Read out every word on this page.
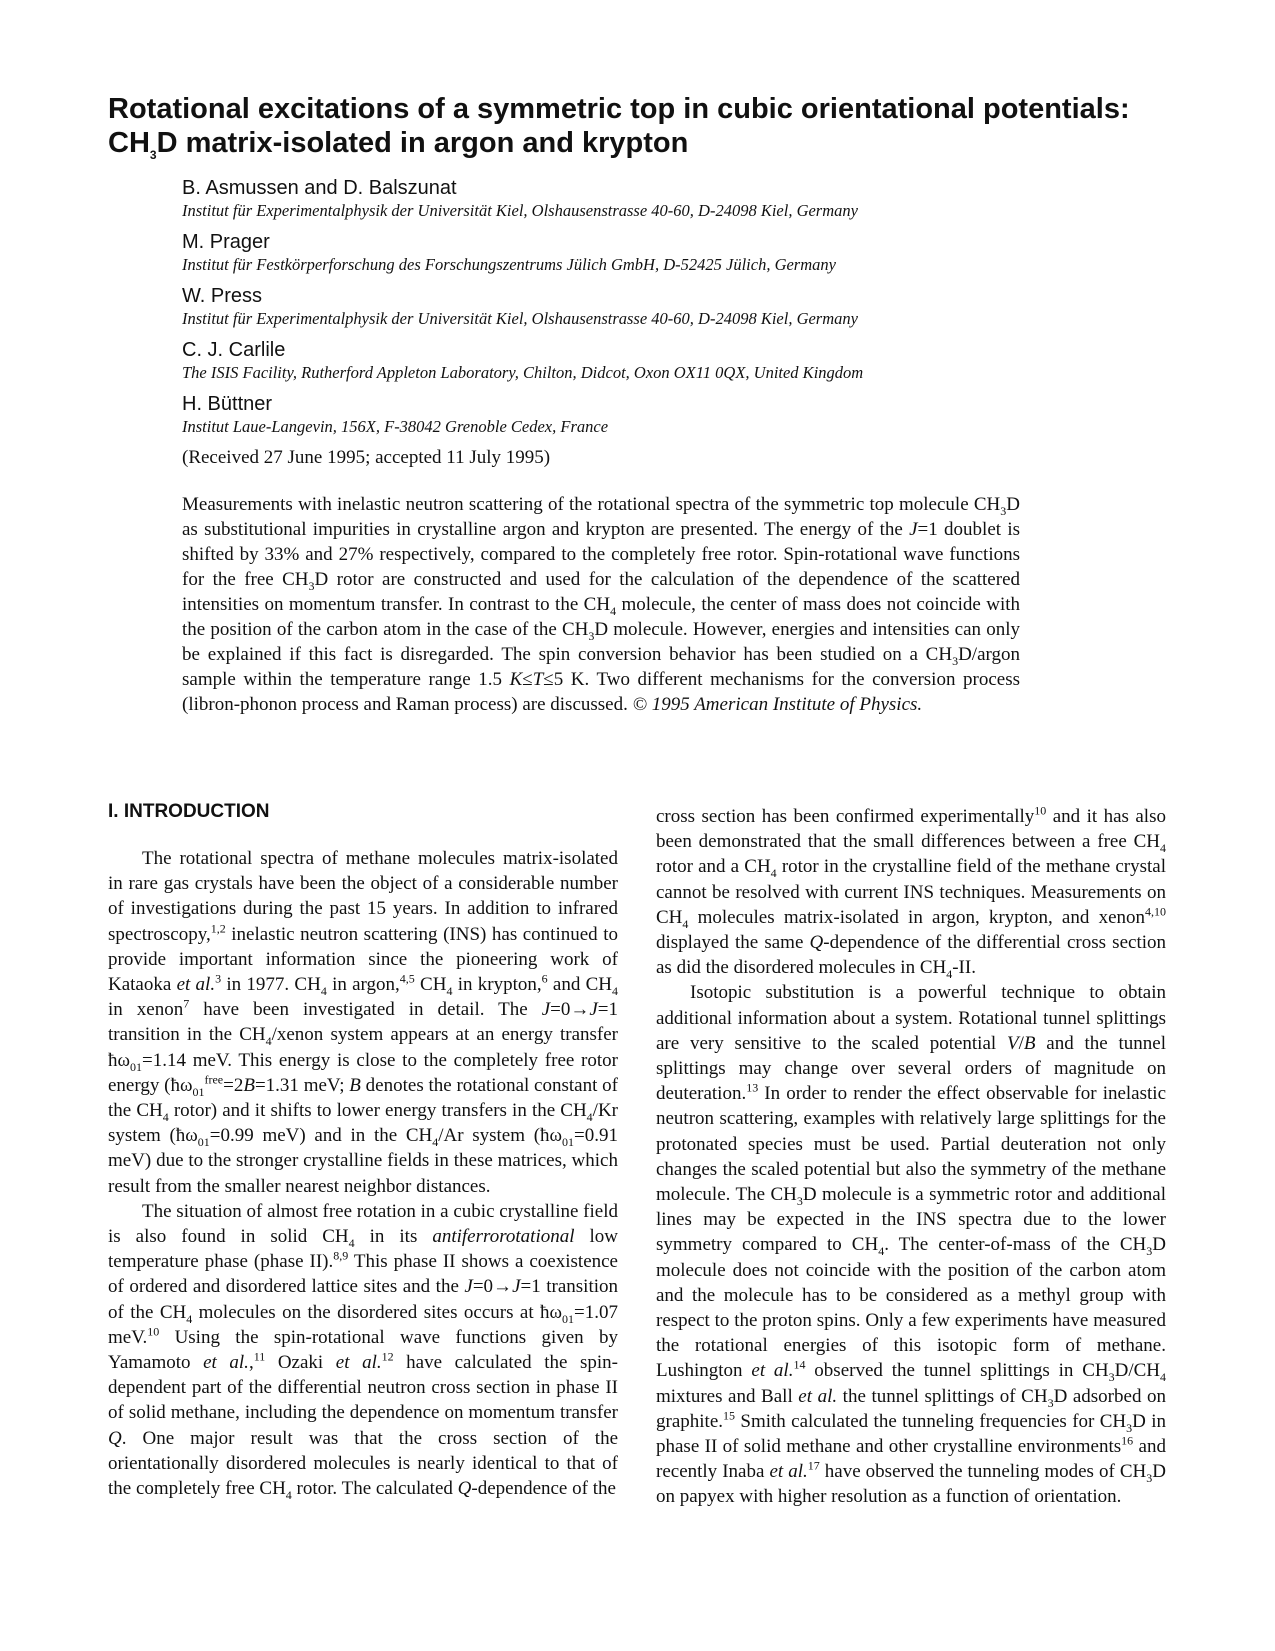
Rotational excitations of a symmetric top in cubic orientational potentials:
$CH_3D$ matrix-isolated in argon and krypton

B. Asmussen and D. Balszunat

Institut für Experimentalphysik der Universität Kiel, Olshausenstrasse 40-60, D-24098 Kiel, Germany

M. Prager

Institut für Festkörperforschung des Forschungszentrums Jülich GmbH, D-52425 Jülich, Germany

W. Press

Institut für Experimentalphysik der Universität Kiel, Olshausenstrasse 40-60, D-24098 Kiel, Germany

C. J. Carlile

The ISIS Facility, Rutherford Appleton Laboratory, Chilton, Didcot, Oxon OX11 0QX, United Kingdom

H. Büttner

Institut Laue-Langevin, 156X, F-38042 Grenoble Cedex, France

(Received 27 June 1995; accepted 11 July 1995)

Measurements with inelastic neutron scattering of the rotational spectra of the symmetric top molecule $CH_3D$ as substitutional impurities in crystalline argon and krypton are presented. The energy of the J=1 doublet is shifted by 33% and 27% respectively, compared to the completely free rotor. Spin-rotational wave functions for the free $CH_3D$ rotor are constructed and used for the calculation of the dependence of the scattered intensities on momentum transfer. In contrast to the $CH_4$ molecule, the center of mass does not coincide with the position of the carbon atom in the case of the $CH_3D$ molecule. However, energies and intensities can only be explained if this fact is disregarded. The spin conversion behavior has been studied on a $CH_3D$/argon sample within the temperature range 1.5 K≤T≤5 K. Two different mechanisms for the conversion process (libron-phonon process and Raman process) are discussed. © 1995 American Institute of Physics.
I. INTRODUCTION

The rotational spectra of methane molecules matrix-isolated in rare gas crystals have been the object of a considerable number of investigations during the past 15 years. In addition to infrared spectroscopy,$^{1,2}$ inelastic neutron scattering (INS) has continued to provide important information since the pioneering work of Kataoka et al.$^3$ in 1977. $CH_4$ in argon,$^{4,5}$ $CH_4$ in krypton,$^6$ and $CH_4$ in xenon$^7$ have been investigated in detail. The J=0→J=1 transition in the $CH_4$/xenon system appears at an energy transfer $ħ\omega_{01}=1.14$ meV. This energy is close to the completely free rotor energy ($ħ\omega_{01}^{free}=2B=1.31$ meV; B denotes the rotational constant of the $CH_4$ rotor) and it shifts to lower energy transfers in the $CH_4/Kr$ system ($ħ\omega_{01}=0.99$ meV) and in the $CH_4/Ar$ system ($ħ\omega_{01}=0.91$ meV) due to the stronger crystalline fields in these matrices, which result from the smaller nearest neighbor distances.

The situation of almost free rotation in a cubic crystalline field is also found in solid $CH_4$ in its antiferrorotational low temperature phase (phase II).$^{8,9}$ This phase II shows a coexistence of ordered and disordered lattice sites and the J=0→J=1 transition of the $CH_4$ molecules on the disordered sites occurs at $ħ\omega_{01}=1.07$ meV.$^{10}$ Using the spin-rotational wave functions given by Yamamoto et al.,$^{11}$ Ozaki et al.$^{12}$ have calculated the spin-dependent part of the differential neutron cross section in phase II of solid methane, including the dependence on momentum transfer Q. One major result was that the cross section of the orientationally disordered molecules is nearly identical to that of the completely free $CH_4$ rotor. The calculated Q-dependence of the

cross section has been confirmed experimentally$^{10}$ and it has also been demonstrated that the small differences between a free $CH_4$ rotor and a $CH_4$ rotor in the crystalline field of the methane crystal cannot be resolved with current INS techniques. Measurements on $CH_4$ molecules matrix-isolated in argon, krypton, and xenon$^{4,10}$ displayed the same Q-dependence of the differential cross section as did the disordered molecules in $CH_4-II$.

Isotopic substitution is a powerful technique to obtain additional information about a system. Rotational tunnel splittings are very sensitive to the scaled potential V/B and the tunnel splittings may change over several orders of magnitude on deuteration.$^{13}$ In order to render the effect observable for inelastic neutron scattering, examples with relatively large splittings for the protonated species must be used. Partial deuteration not only changes the scaled potential but also the symmetry of the methane molecule. The $CH_3D$ molecule is a symmetric rotor and additional lines may be expected in the INS spectra due to the lower symmetry compared to $CH_4$. The center-of-mass of the $CH_3D$ molecule does not coincide with the position of the carbon atom and the molecule has to be considered as a methyl group with respect to the proton spins. Only a few experiments have measured the rotational energies of this isotopic form of methane. Lushington et al.$^{14}$ observed the tunnel splittings in $CH_3D/CH_4$ mixtures and Ball et al. the tunnel splittings of $CH_3D$ adsorbed on graphite.$^{15}$ Smith calculated the tunneling frequencies for $CH_3D$ in phase II of solid methane and other crystalline environments$^{16}$ and recently Inaba et al.$^{17}$ have observed the tunneling modes of $CH_3D$ on papyex with higher resolution as a function of orientation.
